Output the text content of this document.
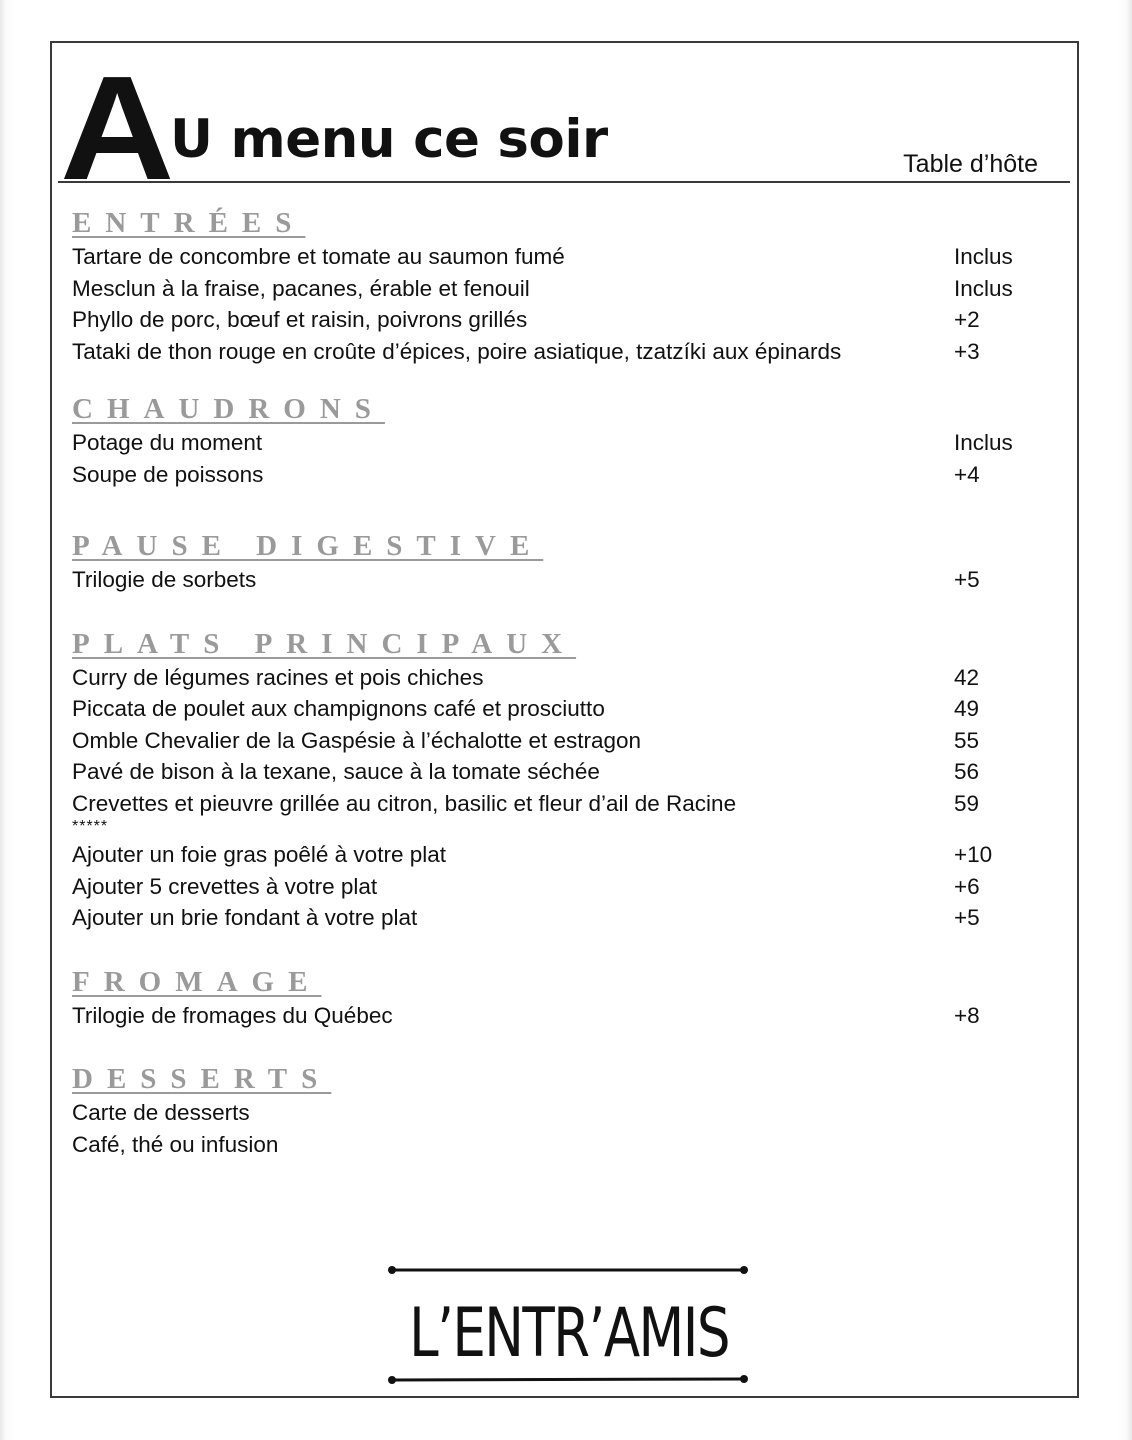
A U menu ce soir	Table d’hôte
ENTRÉES
Tartare de concombre et tomate au saumon fumé	Inclus
Mesclun à la fraise, pacanes, érable et fenouil	Inclus
Phyllo de porc, bœuf et raisin, poivrons grillés	+2
Tataki de thon rouge en croûte d’épices, poire asiatique, tzatzíki aux épinards	+3
CHAUDRONS
Potage du moment	Inclus
Soupe de poissons	+4
PAUSE DIGESTIVE
Trilogie de sorbets	+5
PLATS PRINCIPAUX
Curry de légumes racines et pois chiches	42
Piccata de poulet aux champignons café et prosciutto	49
Omble Chevalier de la Gaspésie à l’échalotte et estragon	55
Pavé de bison à la texane, sauce à la tomate séchée	56
Crevettes et pieuvre grillée au citron, basilic et fleur d’ail de Racine	59
*****
Ajouter un foie gras poêlé à votre plat	+10
Ajouter 5 crevettes à votre plat	+6
Ajouter un brie fondant à votre plat	+5
FROMAGE
Trilogie de fromages du Québec	+8
DESSERTS
Carte de desserts
Café, thé ou infusion
L’ENTR’AMIS
